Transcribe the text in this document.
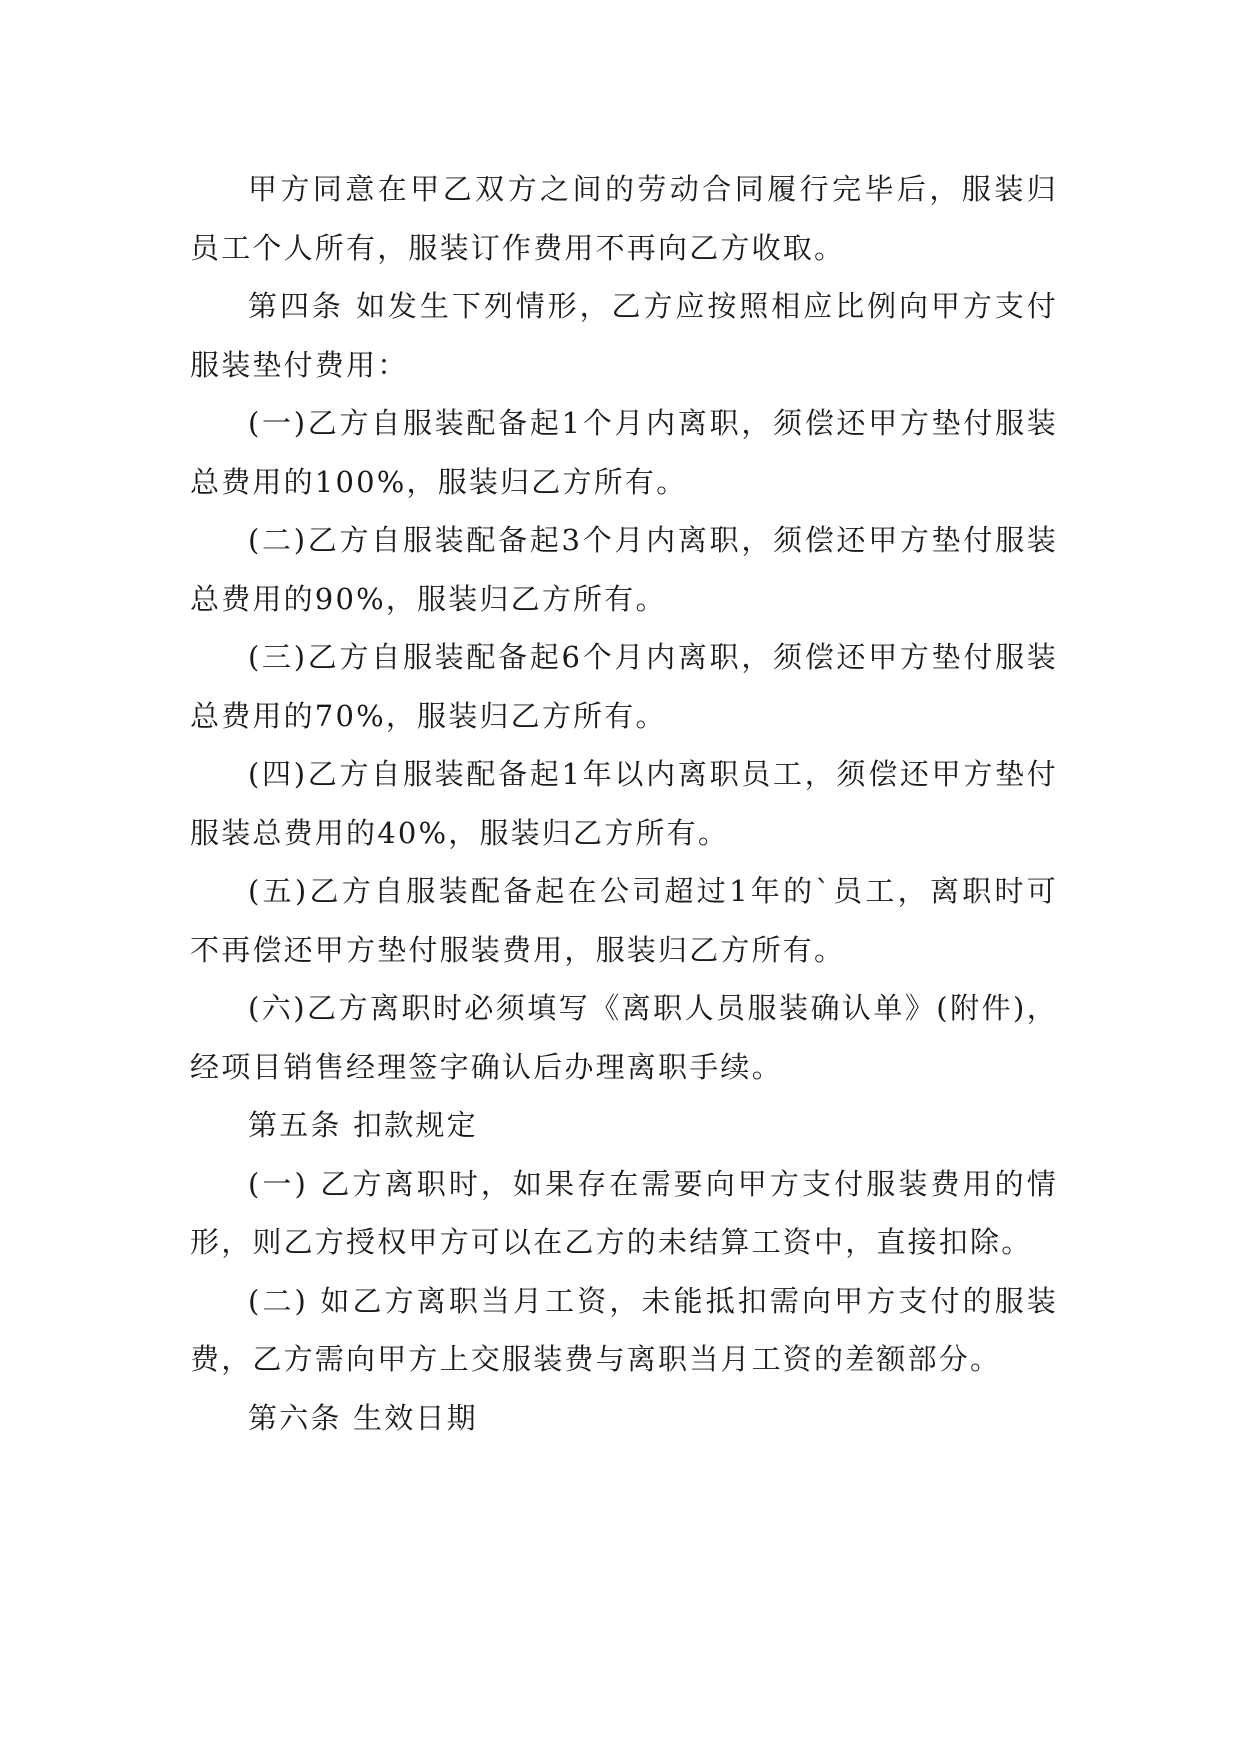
甲方同意在甲乙双方之间的劳动合同履行完毕后，服装归员工个人所有，服装订作费用不再向乙方收取。

第四条 如发生下列情形，乙方应按照相应比例向甲方支付服装垫付费用：

(一)乙方自服装配备起1个月内离职，须偿还甲方垫付服装总费用的100%，服装归乙方所有。

(二)乙方自服装配备起3个月内离职，须偿还甲方垫付服装总费用的90%，服装归乙方所有。

(三)乙方自服装配备起6个月内离职，须偿还甲方垫付服装总费用的70%，服装归乙方所有。

(四)乙方自服装配备起1年以内离职员工，须偿还甲方垫付服装总费用的40%，服装归乙方所有。

(五)乙方自服装配备起在公司超过1年的`员工，离职时可不再偿还甲方垫付服装费用，服装归乙方所有。

(六)乙方离职时必须填写《离职人员服装确认单》(附件)，经项目销售经理签字确认后办理离职手续。

第五条 扣款规定

(一) 乙方离职时，如果存在需要向甲方支付服装费用的情形，则乙方授权甲方可以在乙方的未结算工资中，直接扣除。

(二) 如乙方离职当月工资，未能抵扣需向甲方支付的服装费，乙方需向甲方上交服装费与离职当月工资的差额部分。

第六条 生效日期
